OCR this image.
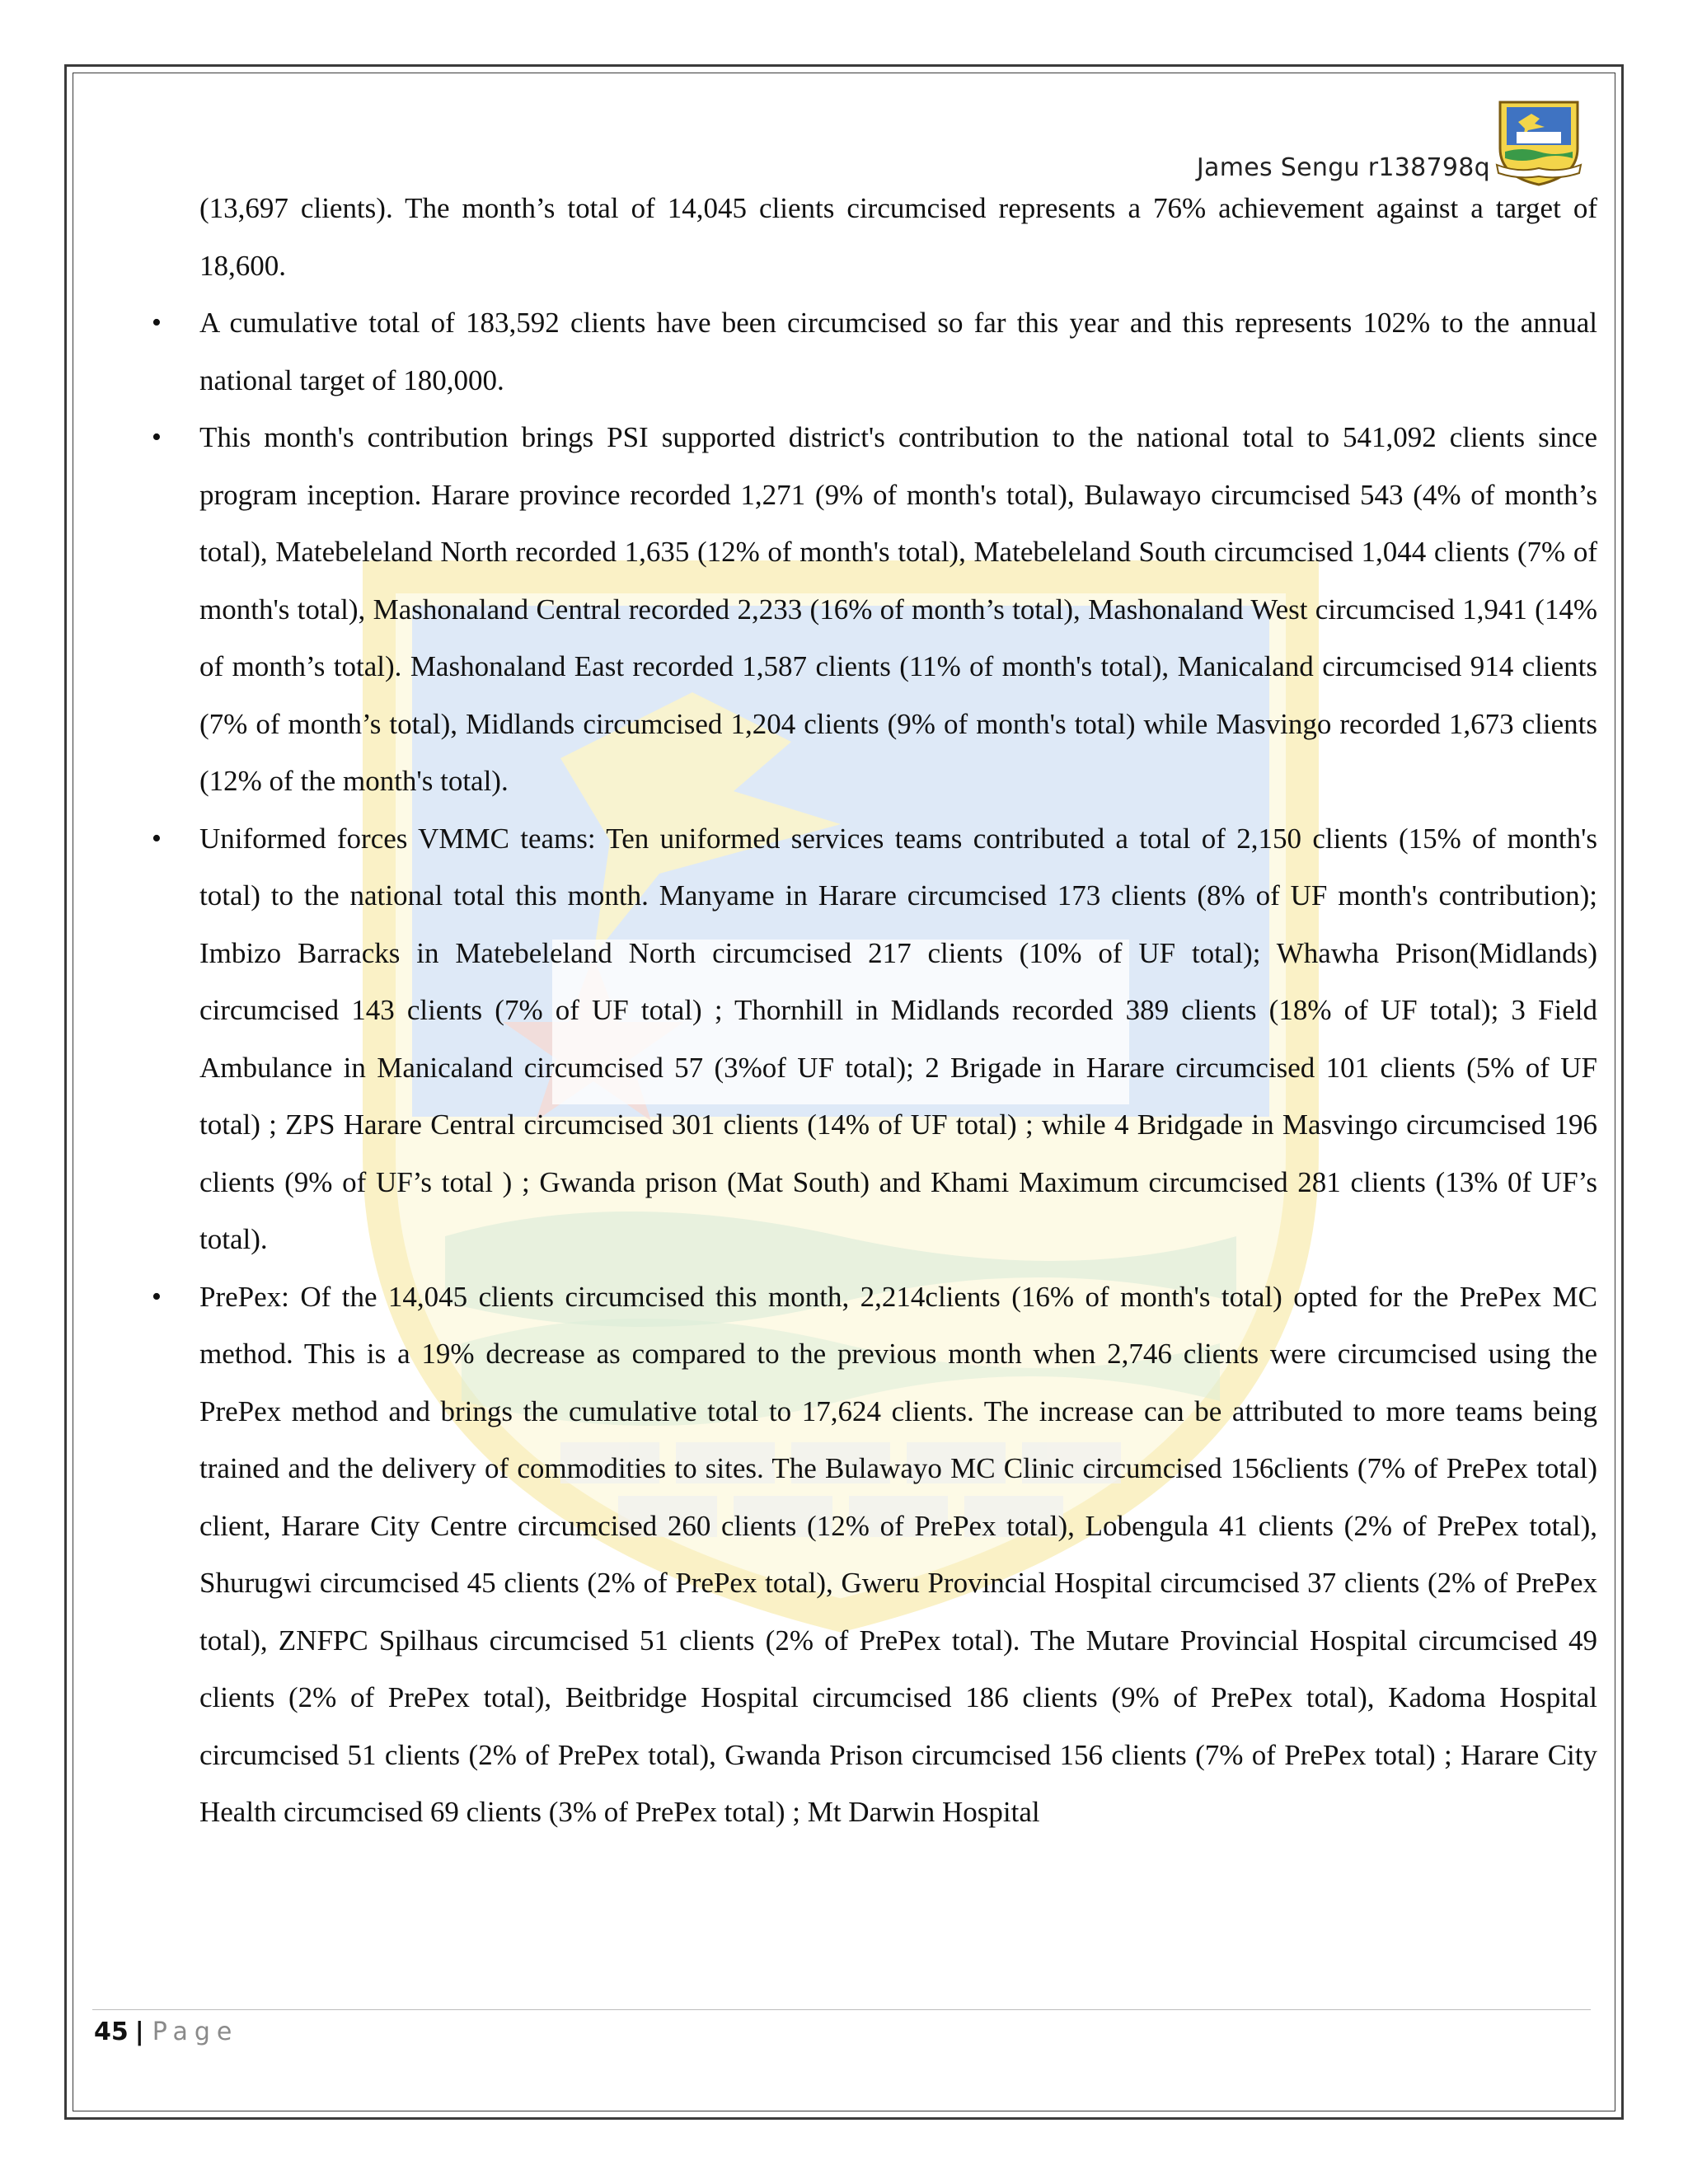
James Sengu r138798q

(13,697 clients). The month’s total of 14,045 clients circumcised represents a 76% achievement against a target of 18,600.

• A cumulative total of 183,592 clients have been circumcised so far this year and this represents 102% to the annual national target of 180,000.
• This month's contribution brings PSI supported district's contribution to the national total to 541,092 clients since program inception. Harare province recorded 1,271 (9% of month's total), Bulawayo circumcised 543 (4% of month’s total), Matebeleland North recorded 1,635 (12% of month's total), Matebeleland South circumcised 1,044 clients (7% of month's total), Mashonaland Central recorded 2,233 (16% of month’s total), Mashonaland West circumcised 1,941 (14% of month’s total). Mashonaland East recorded 1,587 clients (11% of month's total), Manicaland circumcised 914 clients (7% of month’s total), Midlands circumcised 1,204 clients (9% of month's total) while Masvingo recorded 1,673 clients (12% of the month's total).
• Uniformed forces VMMC teams: Ten uniformed services teams contributed a total of 2,150 clients (15% of month's total) to the national total this month. Manyame in Harare circumcised 173 clients (8% of UF month's contribution); Imbizo Barracks in Matebeleland North circumcised 217 clients (10% of UF total); Whawha Prison(Midlands) circumcised 143 clients (7% of UF total) ; Thornhill in Midlands recorded 389 clients (18% of UF total); 3 Field Ambulance in Manicaland circumcised 57 (3%of UF total); 2 Brigade in Harare circumcised 101 clients (5% of UF total) ; ZPS Harare Central circumcised 301 clients (14% of UF total) ; while 4 Bridgade in Masvingo circumcised 196 clients (9% of UF’s total ) ; Gwanda prison (Mat South) and Khami Maximum circumcised 281 clients (13% 0f UF’s total).
• PrePex: Of the 14,045 clients circumcised this month, 2,214clients (16% of month's total) opted for the PrePex MC method. This is a 19% decrease as compared to the previous month when 2,746 clients were circumcised using the PrePex method and brings the cumulative total to 17,624 clients. The increase can be attributed to more teams being trained and the delivery of commodities to sites. The Bulawayo MC Clinic circumcised 156clients (7% of PrePex total) client, Harare City Centre circumcised 260 clients (12% of PrePex total), Lobengula 41 clients (2% of PrePex total), Shurugwi circumcised 45 clients (2% of PrePex total), Gweru Provincial Hospital circumcised 37 clients (2% of PrePex total), ZNFPC Spilhaus circumcised 51 clients (2% of PrePex total). The Mutare Provincial Hospital circumcised 49 clients (2% of PrePex total), Beitbridge Hospital circumcised 186 clients (9% of PrePex total), Kadoma Hospital circumcised 51 clients (2% of PrePex total), Gwanda Prison circumcised 156 clients (7% of PrePex total) ; Harare City Health circumcised 69 clients (3% of PrePex total) ; Mt Darwin Hospital
45 | Page
